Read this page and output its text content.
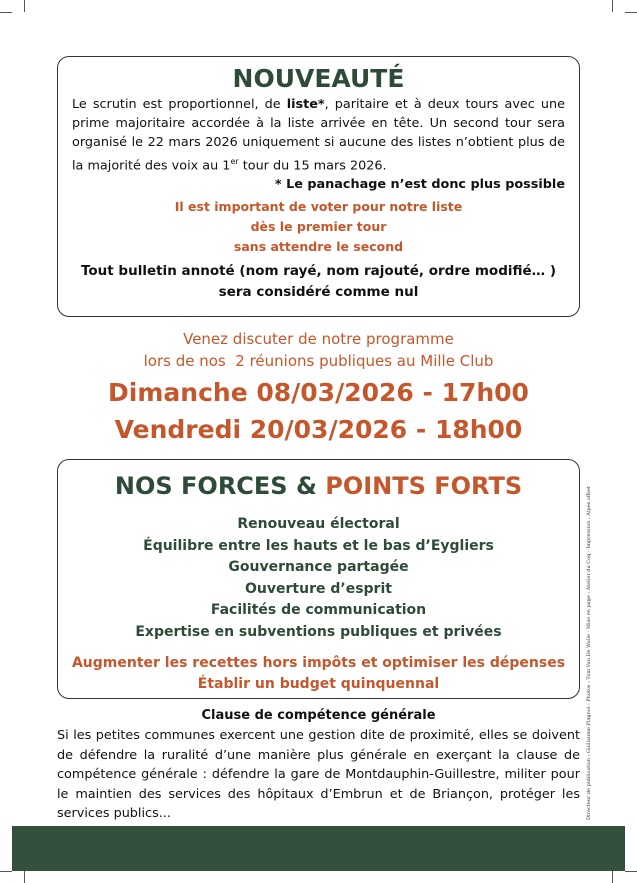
NOUVEAUTÉ
Le scrutin est proportionnel, de liste*, paritaire et à deux tours avec une prime majoritaire accordée à la liste arrivée en tête. Un second tour sera organisé le 22 mars 2026 uniquement si aucune des listes n’obtient plus de la majorité des voix au 1er tour du 15 mars 2026.
* Le panachage n’est donc plus possible
Il est important de voter pour notre liste
dès le premier tour
sans attendre le second
Tout bulletin annoté (nom rayé, nom rajouté, ordre modifié… )
sera considéré comme nul
Venez discuter de notre programme
lors de nos  2 réunions publiques au Mille Club
Dimanche 08/03/2026 - 17h00
Vendredi 20/03/2026 - 18h00
NOS FORCES & POINTS FORTS
Renouveau électoral
Équilibre entre les hauts et le bas d’Eygliers
Gouvernance partagée
Ouverture d’esprit
Facilités de communication
Expertise en subventions publiques et privées
Augmenter les recettes hors impôts et optimiser les dépenses
Établir un budget quinquennal
Clause de compétence générale
Si les petites communes exercent une gestion dite de proximité, elles se doivent de défendre la ruralité d’une manière plus générale en exerçant la clause de compétence générale : défendre la gare de Montdauphin-Guillestre, militer pour le maintien des services des hôpitaux d’Embrun et de Briançon, protéger les services publics...	Directeur de publication : Guillaume Plagnol - Photos : Tom Van De Walle - Mise en page : Atelier du Coq - Impression : Alpes offset
